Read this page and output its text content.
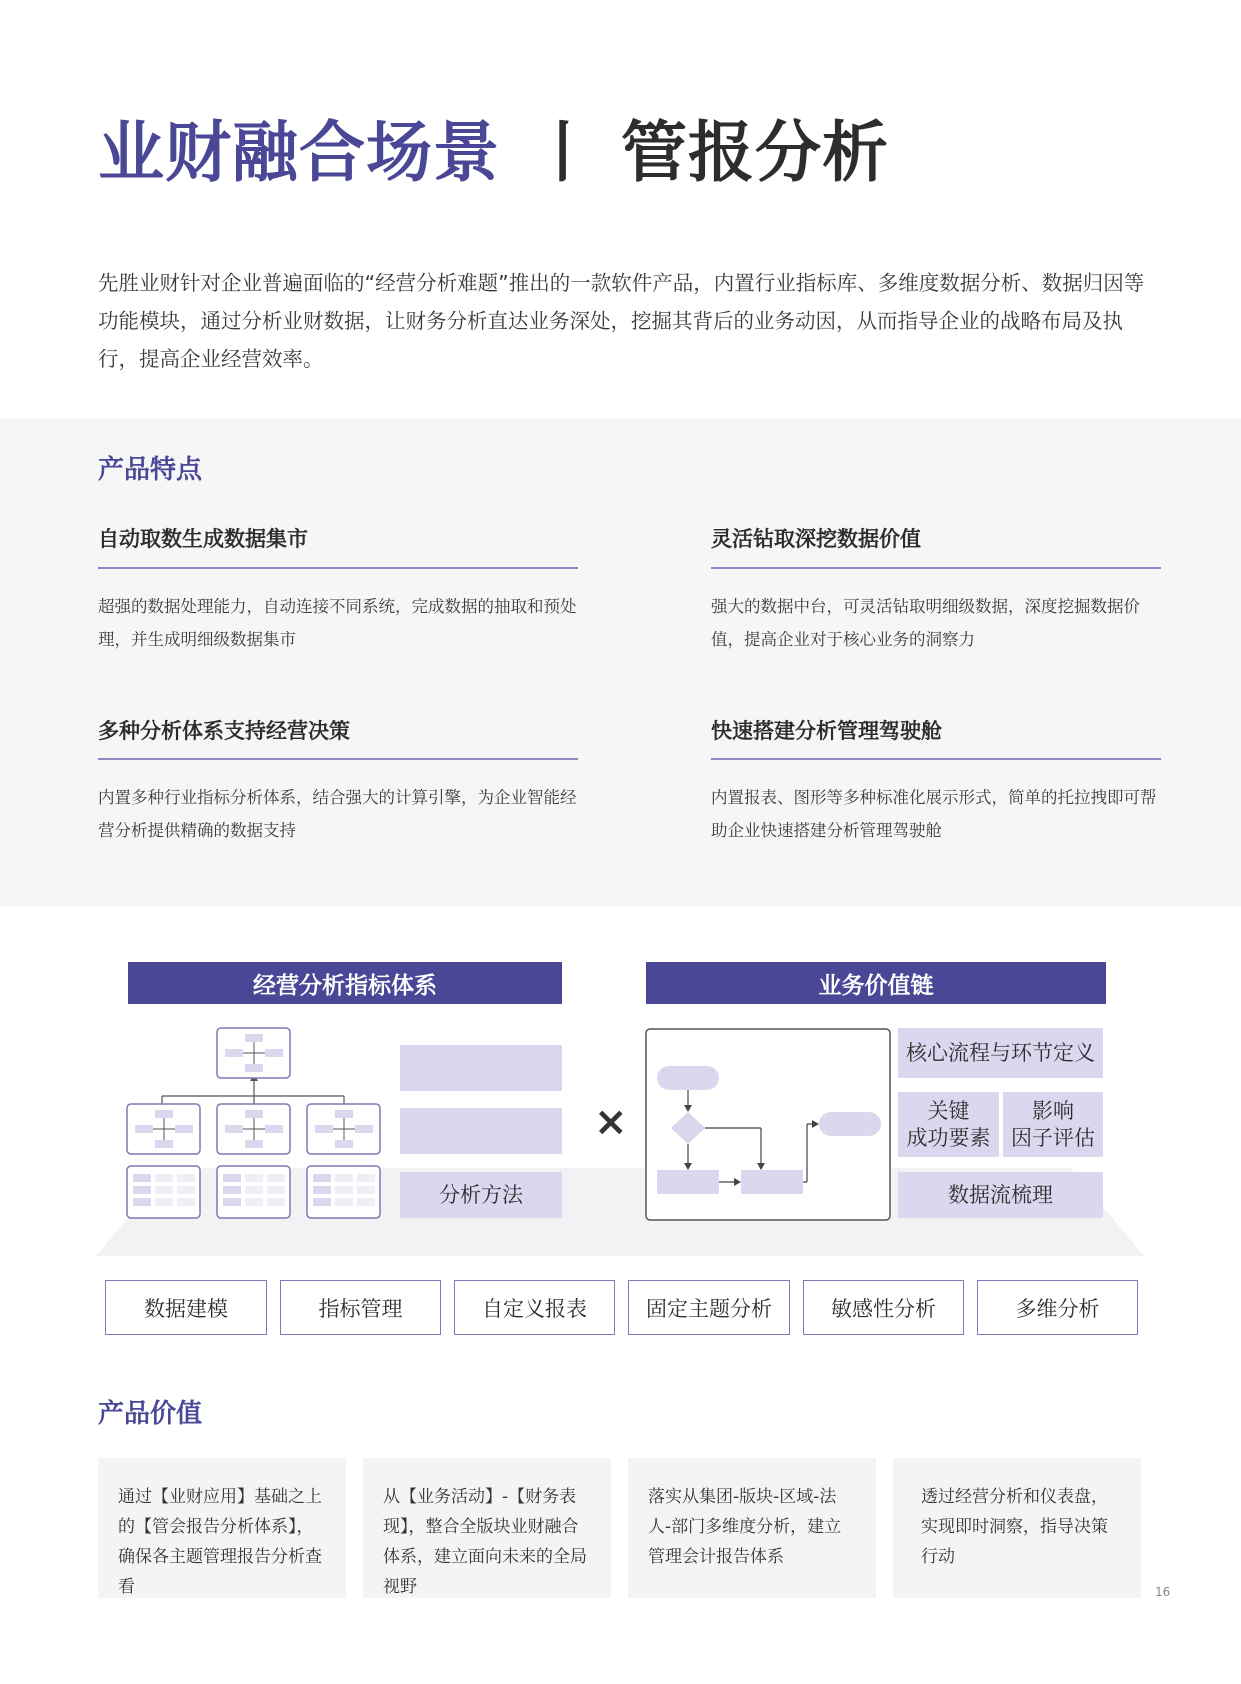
业财融合场景 丨 管报分析
先胜业财针对企业普遍面临的“经营分析难题”推出的一款软件产品，内置行业指标库、多维度数据分析、数据归因等功能模块，通过分析业财数据，让财务分析直达业务深处，挖掘其背后的业务动因，从而指导企业的战略布局及执行，提高企业经营效率。
产品特点
自动取数生成数据集市
超强的数据处理能力，自动连接不同系统，完成数据的抽取和预处理，并生成明细级数据集市
灵活钻取深挖数据价值
强大的数据中台，可灵活钻取明细级数据，深度挖掘数据价值，提高企业对于核心业务的洞察力
多种分析体系支持经营决策
内置多种行业指标分析体系，结合强大的计算引擎，为企业智能经营分析提供精确的数据支持
快速搭建分析管理驾驶舱
内置报表、图形等多种标准化展示形式，简单的托拉拽即可帮助企业快速搭建分析管理驾驶舱
经营分析指标体系	业务价值链
分析方法
×
核心流程与环节定义
关键
成功要素
影响
因子评估
数据流梳理
数据建模	指标管理	自定义报表	固定主题分析	敏感性分析	多维分析
产品价值
通过【业财应用】基础之上的【管会报告分析体系】，确保各主题管理报告分析查看
从【业务活动】-【财务表现】，整合全版块业财融合体系，建立面向未来的全局视野
落实从集团-版块-区域-法人-部门多维度分析，建立管理会计报告体系
透过经营分析和仪表盘，实现即时洞察，指导决策行动
16
